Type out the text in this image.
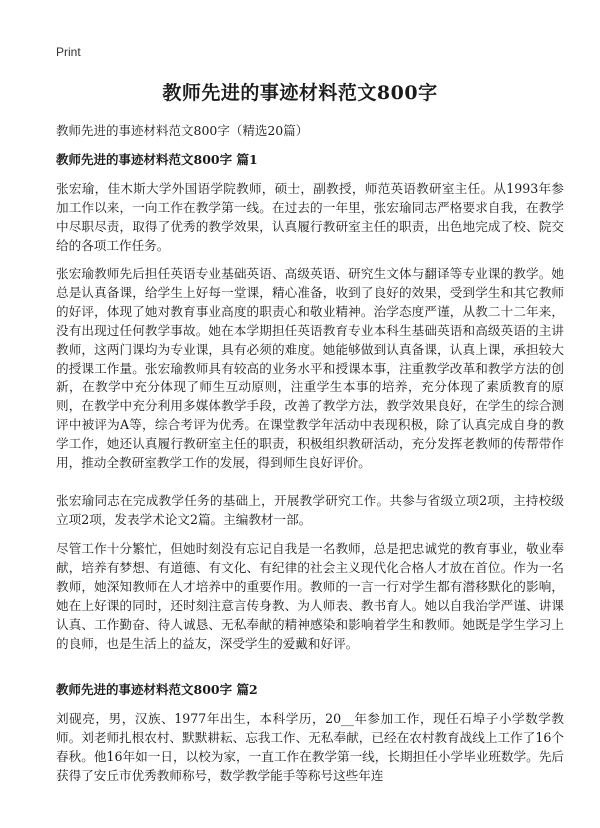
Print
教师先进的事迹材料范文800字
教师先进的事迹材料范文800字（精选20篇）
教师先进的事迹材料范文800字 篇1

张宏瑜，佳木斯大学外国语学院教师，硕士，副教授，师范英语教研室主任。从1993年参加工作以来，一向工作在教学第一线。在过去的一年里，张宏瑜同志严格要求自我，在教学中尽职尽责，取得了优秀的教学效果，认真履行教研室主任的职责，出色地完成了校、院交给的各项工作任务。

张宏瑜教师先后担任英语专业基础英语、高级英语、研究生文体与翻译等专业课的教学。她总是认真备课，给学生上好每一堂课，精心准备，收到了良好的效果，受到学生和其它教师的好评，体现了她对教育事业高度的职责心和敬业精神。治学态度严谨，从教二十二年来，没有出现过任何教学事故。她在本学期担任英语教育专业本科生基础英语和高级英语的主讲教师，这两门课均为专业课，具有必须的难度。她能够做到认真备课，认真上课，承担较大的授课工作量。张宏瑜教师具有较高的业务水平和授课本事，注重教学改革和教学方法的创新，在教学中充分体现了师生互动原则，注重学生本事的培养，充分体现了素质教育的原则，在教学中充分利用多媒体教学手段，改善了教学方法，教学效果良好，在学生的综合测评中被评为A等，综合考评为优秀。在课堂教学年活动中表现积极，除了认真完成自身的教学工作，她还认真履行教研室主任的职责，积极组织教研活动，充分发挥老教师的传帮带作用，推动全教研室教学工作的发展，得到师生良好评价。

张宏瑜同志在完成教学任务的基础上，开展教学研究工作。共参与省级立项2项，主持校级立项2项，发表学术论文2篇。主编教材一部。

尽管工作十分繁忙，但她时刻没有忘记自我是一名教师，总是把忠诚党的教育事业，敬业奉献，培养有梦想、有道德、有文化、有纪律的社会主义现代化合格人才放在首位。作为一名教师，她深知教师在人才培养中的重要作用。教师的一言一行对学生都有潜移默化的影响，她在上好课的同时，还时刻注意言传身教、为人师表、教书育人。她以自我治学严谨、讲课认真、工作勤奋、待人诚恳、无私奉献的精神感染和影响着学生和教师。她既是学生学习上的良师，也是生活上的益友，深受学生的爱戴和好评。

教师先进的事迹材料范文800字 篇2

刘砚亮，男，汉族、1977年出生，本科学历，20__年参加工作，现任石埠子小学数学教师。刘老师扎根农村、默默耕耘、忘我工作、无私奉献，已经在农村教育战线上工作了16个春秋。他16年如一日，以校为家，一直工作在教学第一线，长期担任小学毕业班数学。先后获得了安丘市优秀教师称号，数学教学能手等称号这些年连
